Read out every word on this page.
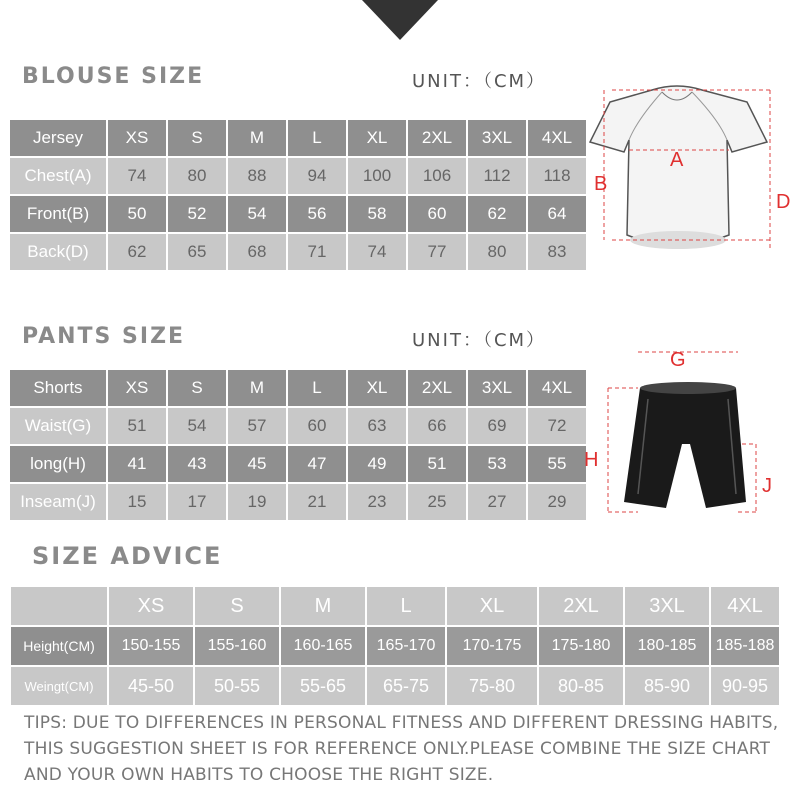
BLOUSE SIZE	UNIT：（CM）
Jersey	XS	S	M	L	XL	2XL	3XL	4XL
Chest(A)	74	80	88	94	100	106	112	118
Front(B)	50	52	54	56	58	60	62	64
Back(D)	62	65	68	71	74	77	80	83
A
B
D
PANTS SIZE	UNIT：（CM）
Shorts	XS	S	M	L	XL	2XL	3XL	4XL
Waist(G)	51	54	57	60	63	66	69	72
long(H)	41	43	45	47	49	51	53	55
Inseam(J)	15	17	19	21	23	25	27	29
G
H
J
SIZE ADVICE
	XS	S	M	L	XL	2XL	3XL	4XL
Height(CM)	150-155	155-160	160-165	165-170	170-175	175-180	180-185	185-188
Weingt(CM)	45-50	50-55	55-65	65-75	75-80	80-85	85-90	90-95
TIPS: DUE TO DIFFERENCES IN PERSONAL FITNESS AND DIFFERENT DRESSING HABITS, THIS SUGGESTION SHEET IS FOR REFERENCE ONLY.PLEASE COMBINE THE SIZE CHART AND YOUR OWN HABITS TO CHOOSE THE RIGHT SIZE.
